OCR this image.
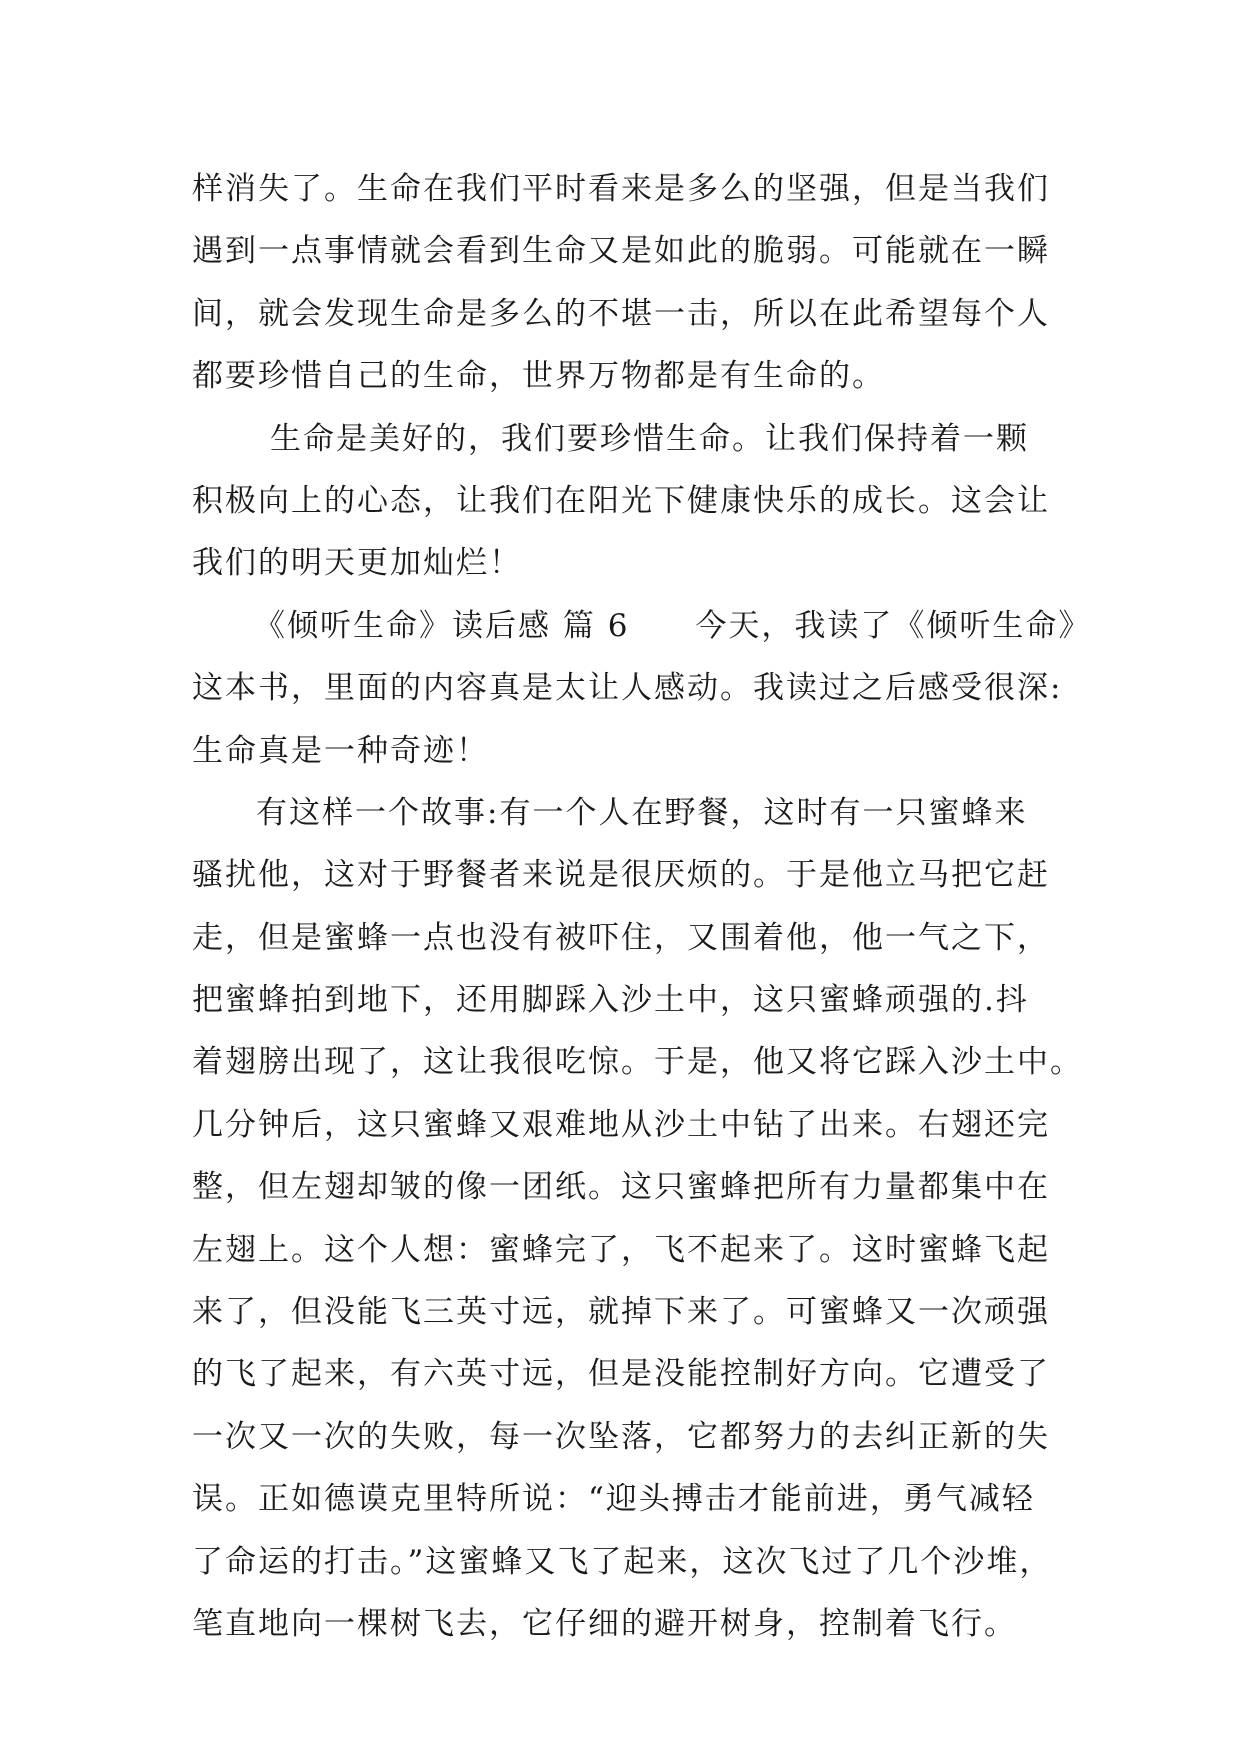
样消失了。生命在我们平时看来是多么的坚强，但是当我们
遇到一点事情就会看到生命又是如此的脆弱。可能就在一瞬
间，就会发现生命是多么的不堪一击，所以在此希望每个人
都要珍惜自己的生命，世界万物都是有生命的。
生命是美好的，我们要珍惜生命。让我们保持着一颗
积极向上的心态，让我们在阳光下健康快乐的成长。这会让
我们的明天更加灿烂！
《倾听生命》读后感 篇 6　　今天，我读了《倾听生命》
这本书，里面的内容真是太让人感动。我读过之后感受很深:
生命真是一种奇迹！
有这样一个故事:有一个人在野餐，这时有一只蜜蜂来
骚扰他，这对于野餐者来说是很厌烦的。于是他立马把它赶
走，但是蜜蜂一点也没有被吓住，又围着他，他一气之下，
把蜜蜂拍到地下，还用脚踩入沙土中，这只蜜蜂顽强的.抖
着翅膀出现了，这让我很吃惊。于是，他又将它踩入沙土中。
几分钟后，这只蜜蜂又艰难地从沙土中钻了出来。右翅还完
整，但左翅却皱的像一团纸。这只蜜蜂把所有力量都集中在
左翅上。这个人想：蜜蜂完了，飞不起来了。这时蜜蜂飞起
来了，但没能飞三英寸远，就掉下来了。可蜜蜂又一次顽强
的飞了起来，有六英寸远，但是没能控制好方向。它遭受了
一次又一次的失败，每一次坠落，它都努力的去纠正新的失
误。正如德谟克里特所说：“迎头搏击才能前进，勇气减轻
了命运的打击。”这蜜蜂又飞了起来，这次飞过了几个沙堆，
笔直地向一棵树飞去，它仔细的避开树身，控制着飞行。
